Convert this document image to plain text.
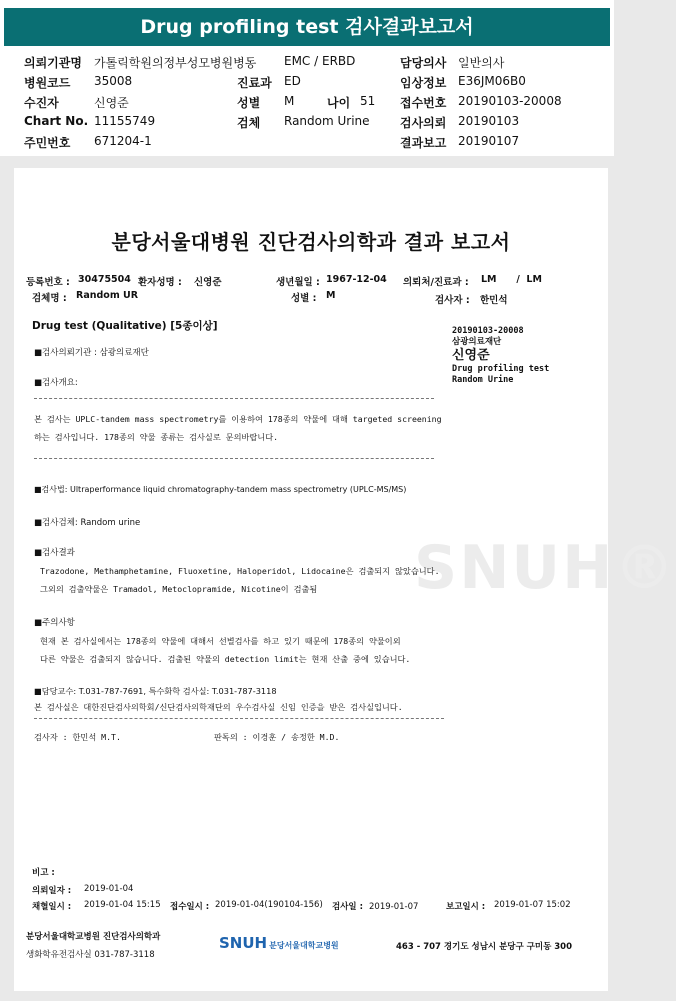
Drug profiling test 검사결과보고서
의뢰기관명 가톨릭학원의정부성모병원병동 EMC / ERBD	담당의사 일반의사
병원코드 35008	진료과 ED	임상정보 E36JM06B0
수진자	신영준	성별 M	나이 51 접수번호 20190103-20008
Chart No. 11155749	검체 Random Urine	검사의뢰 20190103
주민번호 671204-1	결과보고 20190107
SNUH®
분당서울대병원 진단검사의학과 결과 보고서
등록번호 : 30475504 환자성명 : 신영준	생년월일 : 1967-12-04 의뢰처/진료과 : LM      /  LM
검체명 : Random UR	성별 : M	검사자 : 한민석
Drug test (Qualitative) [5종이상]	20190103-20008
삼광의료재단
신영준
Drug profiling test
Random Urine
■검사의뢰기관 : 삼광의료재단
■검사개요:
본 검사는 UPLC-tandem mass spectrometry를 이용하여 178종의 약물에 대해 targeted screening
하는 검사입니다. 178종의 약물 종류는 검사실로 문의바랍니다.
■검사법: Ultraperformance liquid chromatography-tandem mass spectrometry (UPLC-MS/MS)
■검사검체: Random urine
■검사결과
Trazodone, Methamphetamine, Fluoxetine, Haloperidol, Lidocaine은 검출되지 않았습니다.
그외의 검출약물은 Tramadol, Metoclopramide, Nicotine이 검출됨
■주의사항
현재 본 검사실에서는 178종의 약물에 대해서 선별검사를 하고 있기 때문에 178종의 약물이외
다른 약물은 검출되지 않습니다. 검출된 약물의 detection limit는 현재 산출 중에 있습니다.
■담당교수: T.031-787-7691, 특수화학 검사실: T.031-787-3118
본 검사실은 대한진단검사의학회/신단검사의학재단의 우수검사실 신임 인증을 받은 검사실입니다.
검사자 : 한민석 M.T.	판독의 : 이경훈 / 송정한 M.D.
비고 :
의뢰일자 : 2019-01-04
채혈일시 : 2019-01-04 15:15 접수일시 : 2019-01-04(190104-156) 검사일 : 2019-01-07	보고일시 : 2019-01-07 15:02
분당서울대학교병원 진단검사의학과
생화학유전검사실 031-787-3118
SNUH 분당서울대학교병원	463 - 707 경기도 성남시 분당구 구미동 300
